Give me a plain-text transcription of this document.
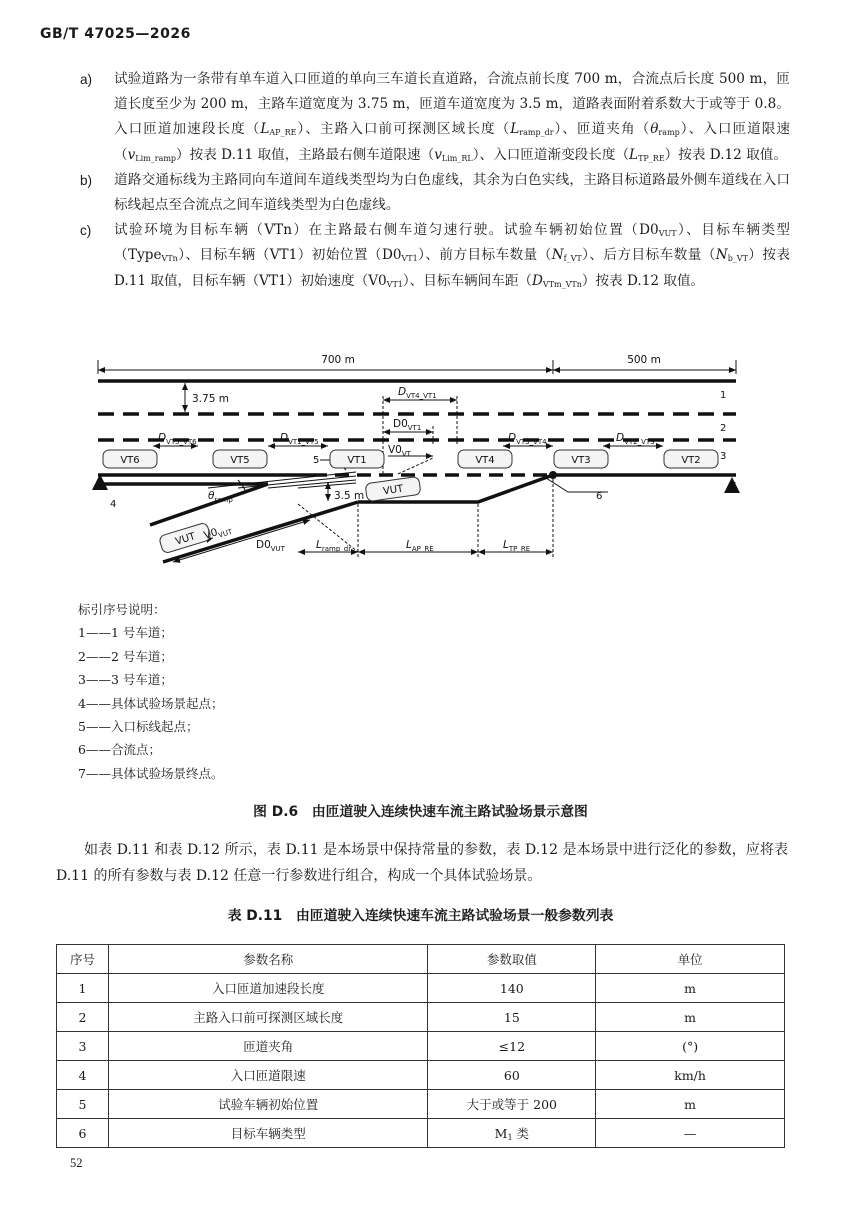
GB/T 47025—2026
a) 试验道路为一条带有单车道入口匝道的单向三车道长直道路，合流点前长度 700 m，合流点后长度 500 m，匝道长度至少为 200 m，主路车道宽度为 3.75 m，匝道车道宽度为 3.5 m，道路表面附着系数大于或等于 0.8。入口匝道加速段长度$(L_{AP\_RE})$、主路入口前可探测区域长度$(L_{ramp\_dr})$、匝道夹角$(\theta_{ramp})$、入口匝道限速$(v_{Lim\_ramp})$按表 D.11 取值，主路最右侧车道限速$(v_{Lim\_RL})$、入口匝道渐变段长度$(L_{TP\_RE})$按表 D.12 取值。

b) 道路交通标线为主路同向车道间车道线类型均为白色虚线，其余为白色实线，主路目标道路最外侧车道线在入口标线起点至合流点之间车道线类型为白色虚线。

c) 试验环境为目标车辆（VTn）在主路最右侧车道匀速行驶。试验车辆初始位置$(D0_{VUT})$、目标车辆类型（Type$_{VTn}$）、目标车辆（VT1）初始位置$(D0_{VT1})$、前方目标车数量$(N_{f\_VT})$、后方目标车数量$(N_{b\_VT})$按表 D.11 取值，目标车辆（VT1）初始速度$(V0_{VT1})$、目标车辆间车距$(D_{VTm\_VTn})$按表 D.12 取值。

700 m	500 m
3.75 m
$D_{VT4\_VT1}$
$D0_{VT1}$
$V0_{VT}$
$D_{VT5\_VT6}$	$D_{VT1\_VT5}$	$D_{VT3\_VT4}$	$D_{VT2\_VT3}$
$\theta_{ramp}$	3.5 m
$V0_{VUT}$
$D0_{VUT}$	$L_{ramp\_dr}$	$L_{AP\_RE}$	$L_{TP\_RE}$
VT6	VT5	VT1	VT4	VT3	VT2
VUT
VUT
1
2
3
4
5
6
7
标引序号说明：
1——1 号车道；
2——2 号车道；
3——3 号车道；
4——具体试验场景起点；
5——入口标线起点；
6——合流点；
7——具体试验场景终点。
图 D.6　由匝道驶入连续快速车流主路试验场景示意图
如表 D.11 和表 D.12 所示，表 D.11 是本场景中保持常量的参数，表 D.12 是本场景中进行泛化的参数，应将表 D.11 的所有参数与表 D.12 任意一行参数进行组合，构成一个具体试验场景。
表 D.11　由匝道驶入连续快速车流主路试验场景一般参数列表
序号	参数名称	参数取值	单位
1	入口匝道加速段长度	140	m
2	主路入口前可探测区域长度	15	m
3	匝道夹角	≤12	(°)
4	入口匝道限速	60	km/h
5	试验车辆初始位置	大于或等于 200	m
6	目标车辆类型	$M_1$ 类	—
52
